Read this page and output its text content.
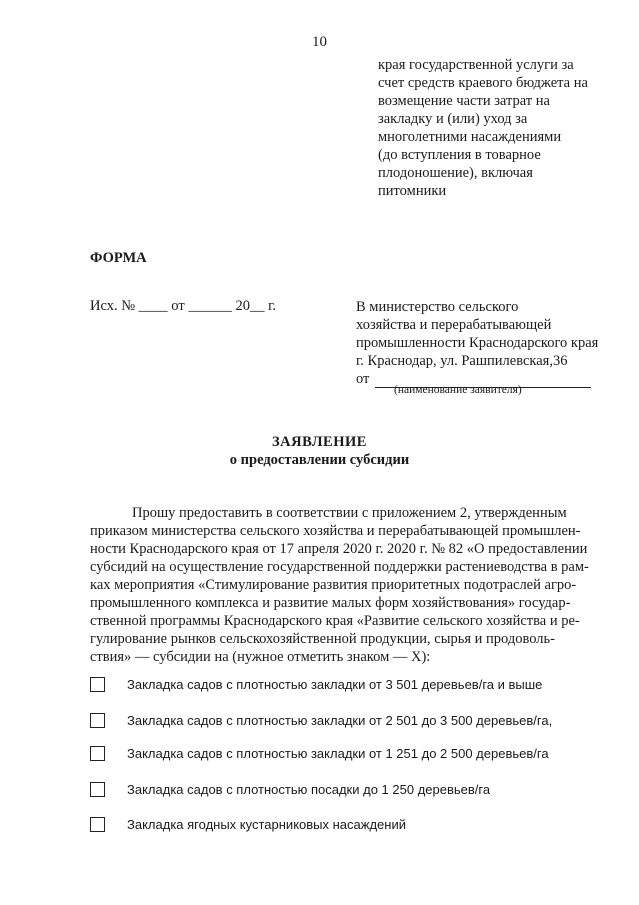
10
края государственной услуги за
счет средств краевого бюджета на
возмещение части затрат на
закладку и (или) уход за
многолетними насаждениями
(до вступления в товарное
плодоношение), включая
питомники
ФОРМА
Исх. № ____ от ______ 20__ г.	В министерство сельского
хозяйства и перерабатывающей
промышленности Краснодарского края
г. Краснодар, ул. Рашпилевская,36
от
(наименование заявителя)
ЗАЯВЛЕНИЕ
о предоставлении субсидии
Прошу предоставить в соответствии с приложением 2, утвержденным
приказом министерства сельского хозяйства и перерабатывающей промышлен-
ности Краснодарского края от 17 апреля 2020 г. 2020 г. № 82 «О предоставлении
субсидий на осуществление государственной поддержки растениеводства в рам-
ках мероприятия «Стимулирование развития приоритетных подотраслей агро-
промышленного комплекса и развитие малых форм хозяйствования» государ-
ственной программы Краснодарского края «Развитие сельского хозяйства и ре-
гулирование рынков сельскохозяйственной продукции, сырья и продоволь-
ствия» — субсидии на (нужное отметить знаком — X):
Закладка садов с плотностью закладки от 3 501 деревьев/га и выше
Закладка садов с плотностью закладки от 2 501 до 3 500 деревьев/га,
Закладка садов с плотностью закладки от 1 251 до 2 500 деревьев/га
Закладка садов с плотностью посадки до 1 250 деревьев/га
Закладка ягодных кустарниковых насаждений
